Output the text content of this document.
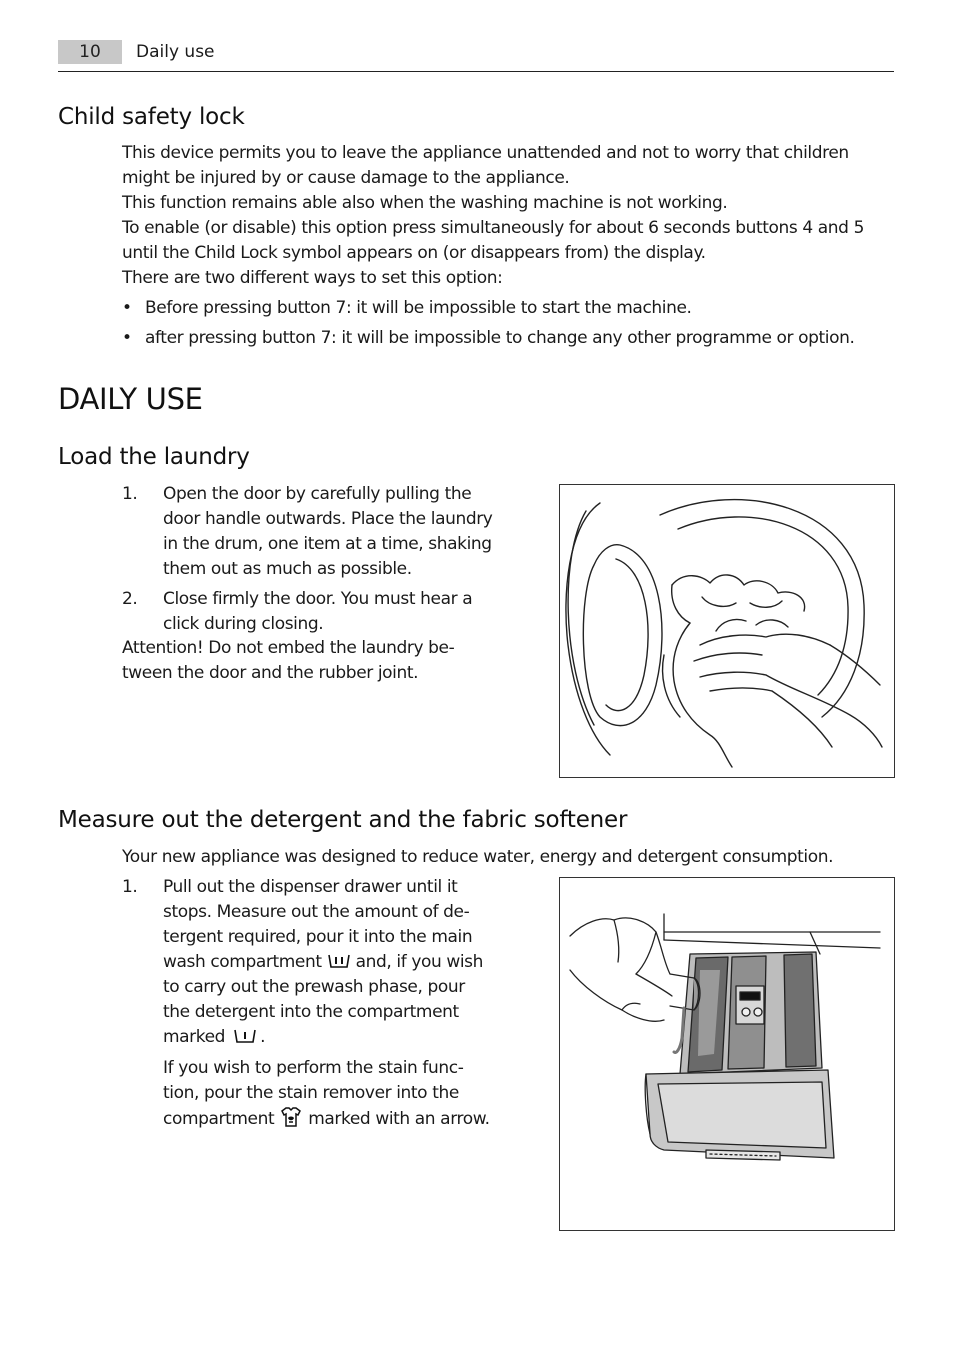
10	Daily use
Child safety lock

This device permits you to leave the appliance unattended and not to worry that children

might be injured by or cause damage to the appliance.

This function remains able also when the washing machine is not working.

To enable (or disable) this option press simultaneously for about 6 seconds buttons 4 and 5

until the Child Lock symbol appears on (or disappears from) the display.

There are two different ways to set this option:

• Before pressing button 7: it will be impossible to start the machine.
• after pressing button 7: it will be impossible to change any other programme or option.
DAILY USE
Load the laundry
1. Open the door by carefully pulling the
door handle outwards. Place the laundry
in the drum, one item at a time, shaking
them out as much as possible.
2. Close firmly the door. You must hear a
click during closing.

Attention! Do not embed the laundry be-

tween the door and the rubber joint.

Measure out the detergent and the fabric softener

Your new appliance was designed to reduce water, energy and detergent consumption.

1. Pull out the dispenser drawer until it
stops. Measure out the amount of de-
tergent required, pour it into the main
wash compartment  and, if you wish
to carry out the prewash phase, pour
the detergent into the compartment
marked .
If you wish to perform the stain func-
tion, pour the stain remover into the
compartment  marked with an arrow.
